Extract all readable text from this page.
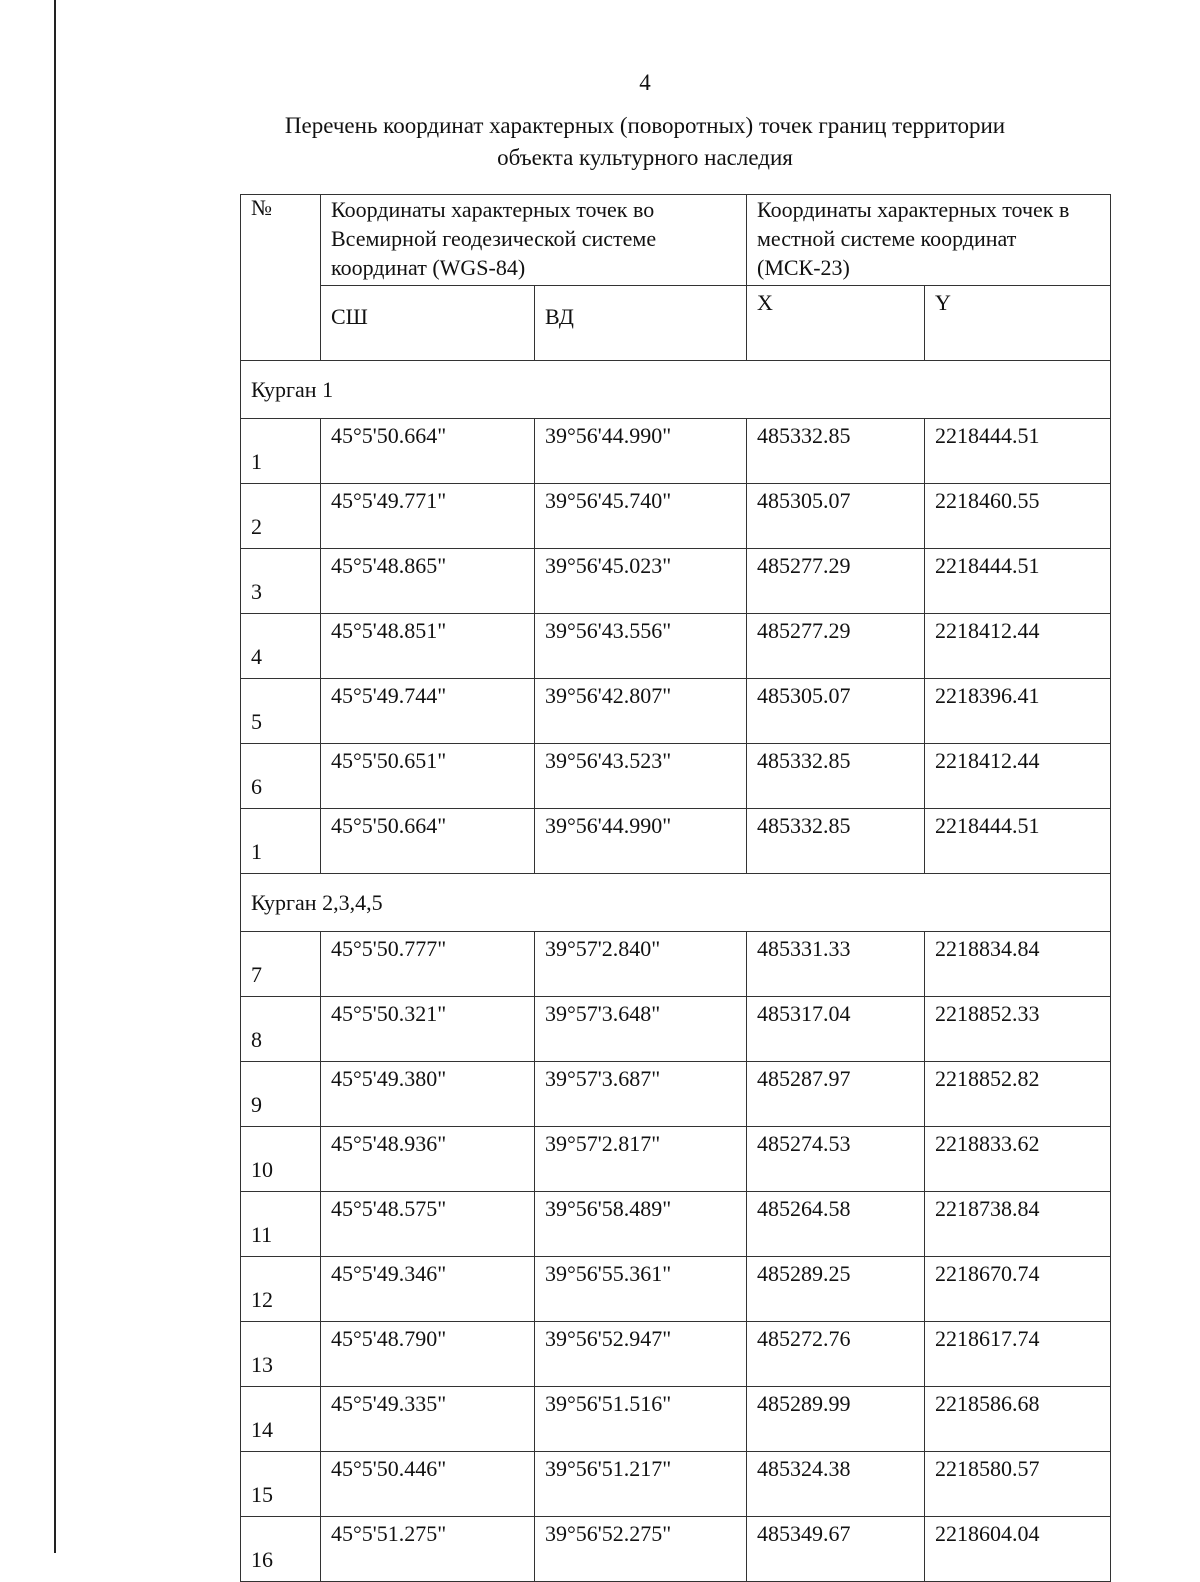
4
Перечень координат характерных (поворотных) точек границ территории
объекта культурного наследия
№	Координаты характерных точек во Всемирной геодезической системе координат (WGS-84)		Координаты характерных точек в местной системе координат (МСК-23)	
	СШ	ВД	X	Y
Курган 1				
1	45°5'50.664"	39°56'44.990"	485332.85	2218444.51
2	45°5'49.771"	39°56'45.740"	485305.07	2218460.55
3	45°5'48.865"	39°56'45.023"	485277.29	2218444.51
4	45°5'48.851"	39°56'43.556"	485277.29	2218412.44
5	45°5'49.744"	39°56'42.807"	485305.07	2218396.41
6	45°5'50.651"	39°56'43.523"	485332.85	2218412.44
1	45°5'50.664"	39°56'44.990"	485332.85	2218444.51
Курган 2,3,4,5				
7	45°5'50.777"	39°57'2.840"	485331.33	2218834.84
8	45°5'50.321"	39°57'3.648"	485317.04	2218852.33
9	45°5'49.380"	39°57'3.687"	485287.97	2218852.82
10	45°5'48.936"	39°57'2.817"	485274.53	2218833.62
11	45°5'48.575"	39°56'58.489"	485264.58	2218738.84
12	45°5'49.346"	39°56'55.361"	485289.25	2218670.74
13	45°5'48.790"	39°56'52.947"	485272.76	2218617.74
14	45°5'49.335"	39°56'51.516"	485289.99	2218586.68
15	45°5'50.446"	39°56'51.217"	485324.38	2218580.57
16	45°5'51.275"	39°56'52.275"	485349.67	2218604.04
